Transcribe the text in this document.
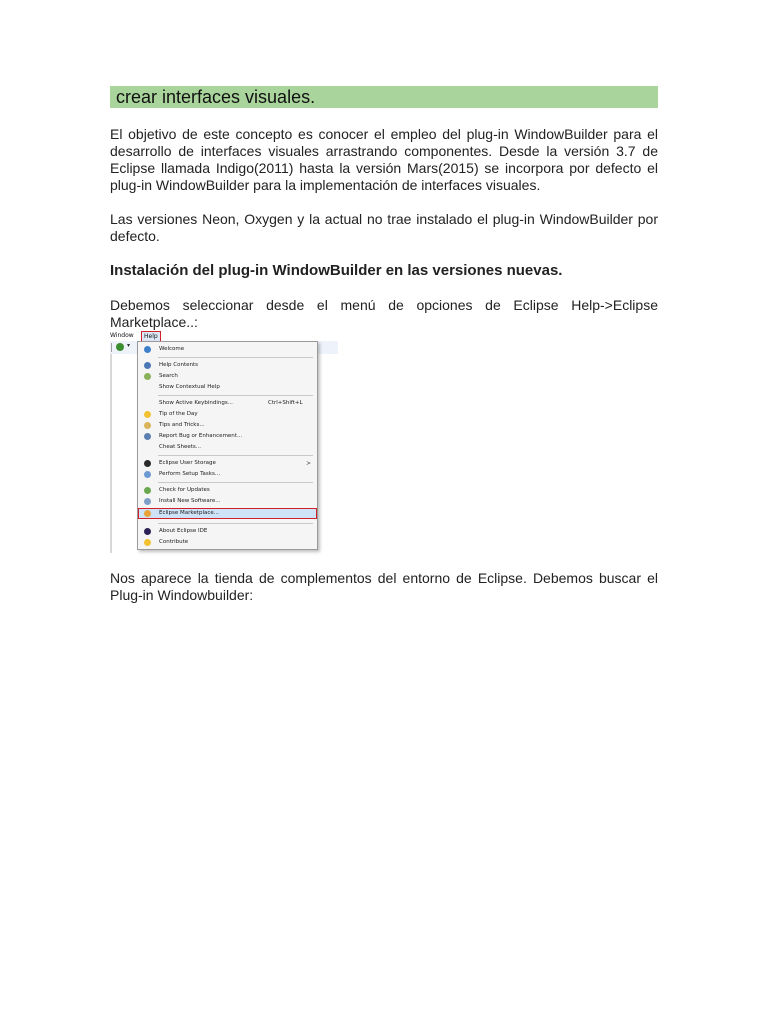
crear interfaces visuales.
El objetivo de este concepto es conocer el empleo del plug-in WindowBuilder para el desarrollo de interfaces visuales arrastrando componentes. Desde la versión 3.7 de Eclipse llamada Indigo(2011) hasta la versión Mars(2015) se incorpora por defecto el plug-in WindowBuilder para la implementación de interfaces visuales.
Las versiones Neon, Oxygen y la actual no trae instalado el plug-in WindowBuilder por defecto.
Instalación del plug-in WindowBuilder en las versiones nuevas.
Debemos seleccionar desde el menú de opciones de Eclipse Help->Eclipse Marketplace..:
Window	Help
▾	Welcome
Help Contents
Search
Show Contextual Help
Show Active Keybindings...	Ctrl+Shift+L
Tip of the Day
Tips and Tricks...
Report Bug or Enhancement...
Cheat Sheets...
Eclipse User Storage	>
Perform Setup Tasks...
Check for Updates
Install New Software...
Eclipse Marketplace...
About Eclipse IDE
Contribute
Nos aparece la tienda de complementos del entorno de Eclipse. Debemos buscar el Plug-in Windowbuilder:
